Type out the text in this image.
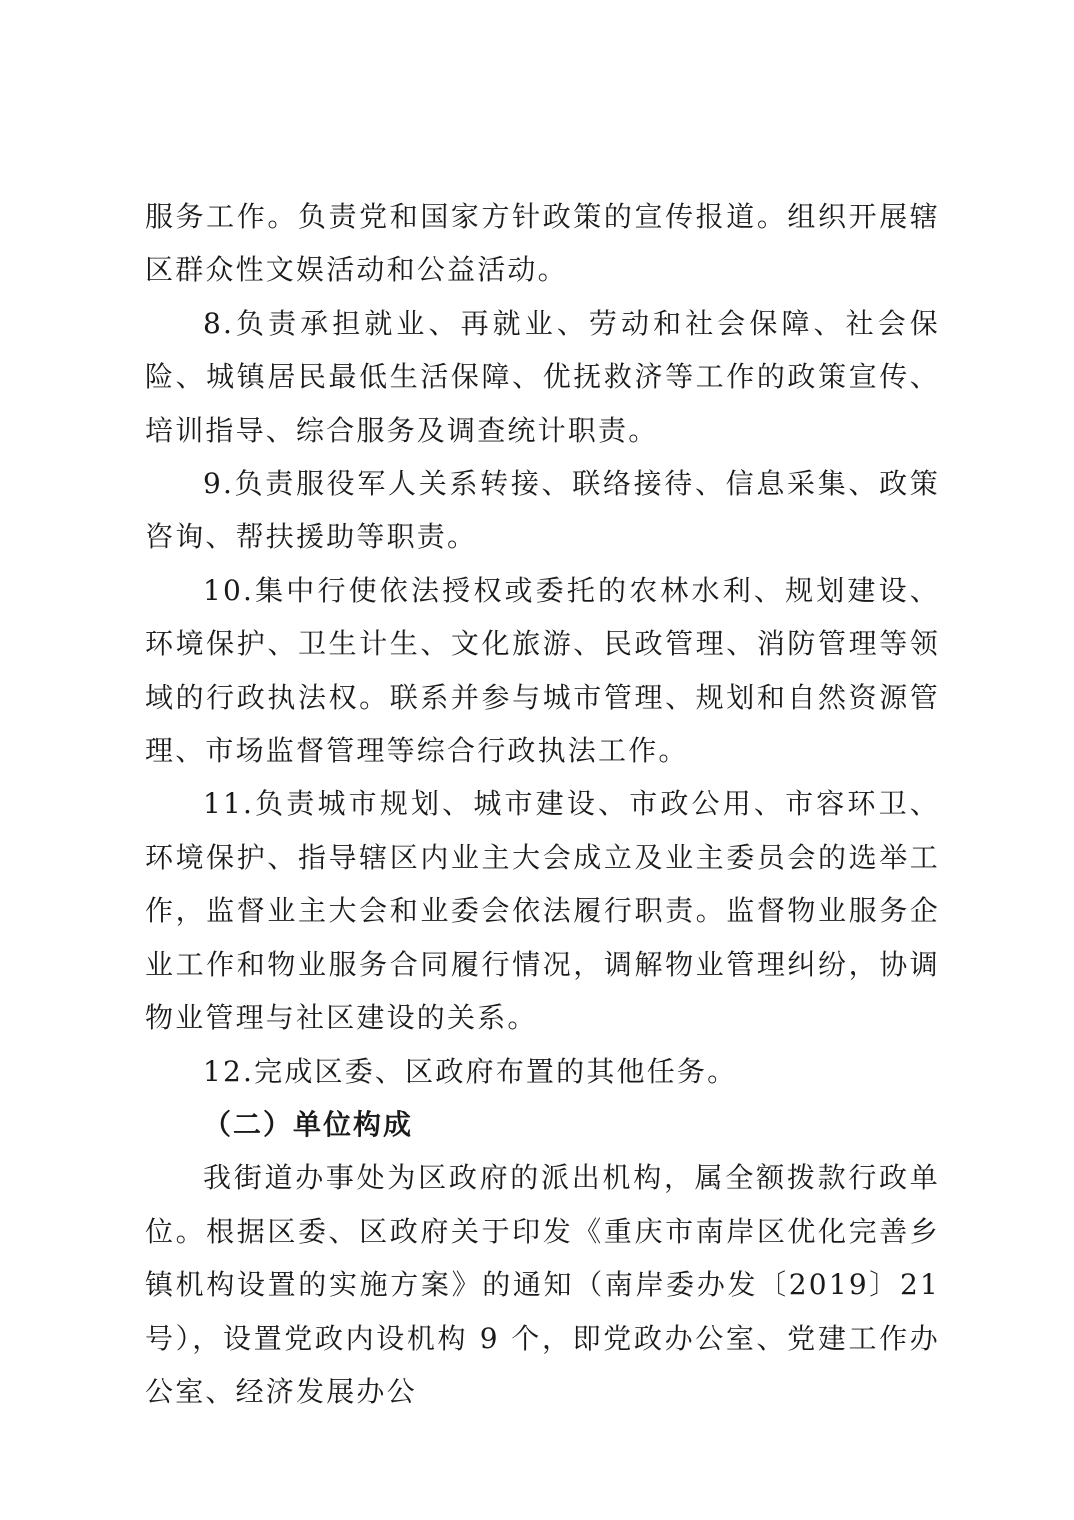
服务工作。负责党和国家方针政策的宣传报道。组织开展辖区群众性文娱活动和公益活动。

8.负责承担就业、再就业、劳动和社会保障、社会保险、城镇居民最低生活保障、优抚救济等工作的政策宣传、培训指导、综合服务及调查统计职责。

9.负责服役军人关系转接、联络接待、信息采集、政策咨询、帮扶援助等职责。

10.集中行使依法授权或委托的农林水利、规划建设、环境保护、卫生计生、文化旅游、民政管理、消防管理等领域的行政执法权。联系并参与城市管理、规划和自然资源管理、市场监督管理等综合行政执法工作。

11.负责城市规划、城市建设、市政公用、市容环卫、环境保护、指导辖区内业主大会成立及业主委员会的选举工作，监督业主大会和业委会依法履行职责。监督物业服务企业工作和物业服务合同履行情况，调解物业管理纠纷，协调物业管理与社区建设的关系。

12.完成区委、区政府布置的其他任务。

（二）单位构成

我街道办事处为区政府的派出机构，属全额拨款行政单位。根据区委、区政府关于印发《重庆市南岸区优化完善乡镇机构设置的实施方案》的通知（南岸委办发〔2019〕21 号），设置党政内设机构 9 个，即党政办公室、党建工作办公室、经济发展办公
